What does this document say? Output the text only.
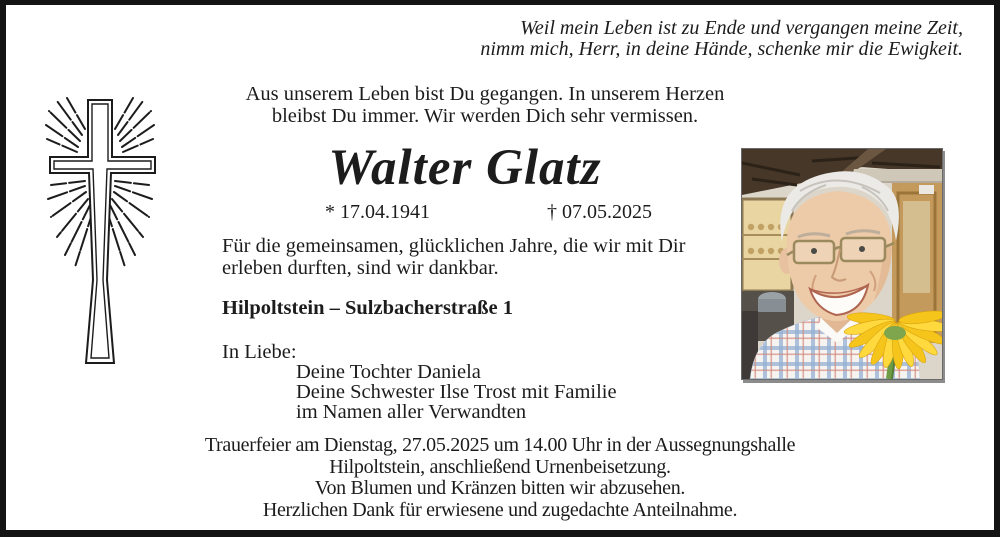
Weil mein Leben ist zu Ende und vergangen meine Zeit,
nimm mich, Herr, in deine Hände, schenke mir die Ewigkeit.
Aus unserem Leben bist Du gegangen. In unserem Herzen
bleibst Du immer. Wir werden Dich sehr vermissen.
Walter Glatz
* 17.04.1941	† 07.05.2025
Für die gemeinsamen, glücklichen Jahre, die wir mit Dir
erleben durften, sind wir dankbar.
Hilpoltstein – Sulzbacherstraße 1
In Liebe:
Deine Tochter Daniela
Deine Schwester Ilse Trost mit Familie
im Namen aller Verwandten
Trauerfeier am Dienstag, 27.05.2025 um 14.00 Uhr in der Aussegnungshalle
Hilpoltstein, anschließend Urnenbeisetzung.
Von Blumen und Kränzen bitten wir abzusehen.
Herzlichen Dank für erwiesene und zugedachte Anteilnahme.
